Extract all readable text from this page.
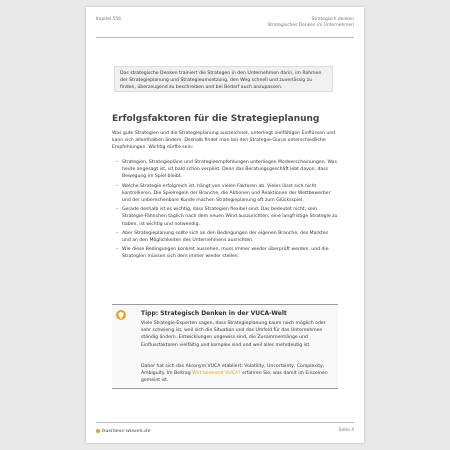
Kapitel 556	Strategisch denken
Strategisches Denken im Unternehmen
Das strategische Denken trainiert die Strategen in den Unternehmen darin, im Rahmen der Strategieplanung und Strategieumsetzung, den Weg schnell und zuverlässig zu finden, überzeugend zu beschreiben und bei Bedarf auch anzupassen.
Erfolgsfaktoren für die Strategieplanung

Was gute Strategien und die Strategieplanung auszeichnet, unterliegt vielfältigen Einflüssen und kann sich allenthalben ändern. Deshalb findet man bei den Strategie-Gurus unterschiedliche Empfehlungen. Wichtig dürfte sein:

– Strategien, Strategiepläne und Strategieempfehlungen unterliegen Modeerscheinungen. Was heute angesagt ist, ist bald schon verpönt. Denn das Beratungsgeschäft lebt davon, dass Bewegung im Spiel bleibt.
– Welche Strategie erfolgreich ist, hängt von vielen Faktoren ab. Vieles lässt sich nicht kontrollieren. Die Spielregeln der Branche, die Aktionen und Reaktionen der Wettbewerber und der unberechenbare Kunde machen Strategieplanung oft zum Glücksspiel.
– Gerade deshalb ist es wichtig, dass Strategien flexibel sind. Das bedeutet nicht, sein Strategie-Fähnchen täglich nach dem neuen Wind auszurichten; eine langfristige Strategie zu haben, ist wichtig und notwendig.
– Aber Strategieplanung sollte sich an den Bedingungen der eigenen Branche, des Marktes und an den Möglichkeiten des Unternehmens ausrichten.
– Wie diese Bedingungen konkret aussehen, muss immer wieder überprüft werden, und die Strategien müssen sich dem immer wieder stellen.
Tipp: Strategisch Denken in der VUCA-Welt

Viele Strategie-Experten sagen, dass Strategieplanung kaum noch möglich oder sehr schwierig ist, weil sich die Situation und das Umfeld für das Unternehmen ständig ändern. Entwicklungen ungewiss sind, die Zusammenhänge und Einflussfaktoren vielfältig und komplex sind und weil alles mehrdeutig ist.

Daher hat sich das Akronym VUCA etabliert: Volatility, Uncertainty, Complexity, Ambiguity. Im Beitrag Wirt bedeutet VUCA? erfahren Sie, was damit im Einzelnen gemeint ist.

business-wissen.de	Seite 4
